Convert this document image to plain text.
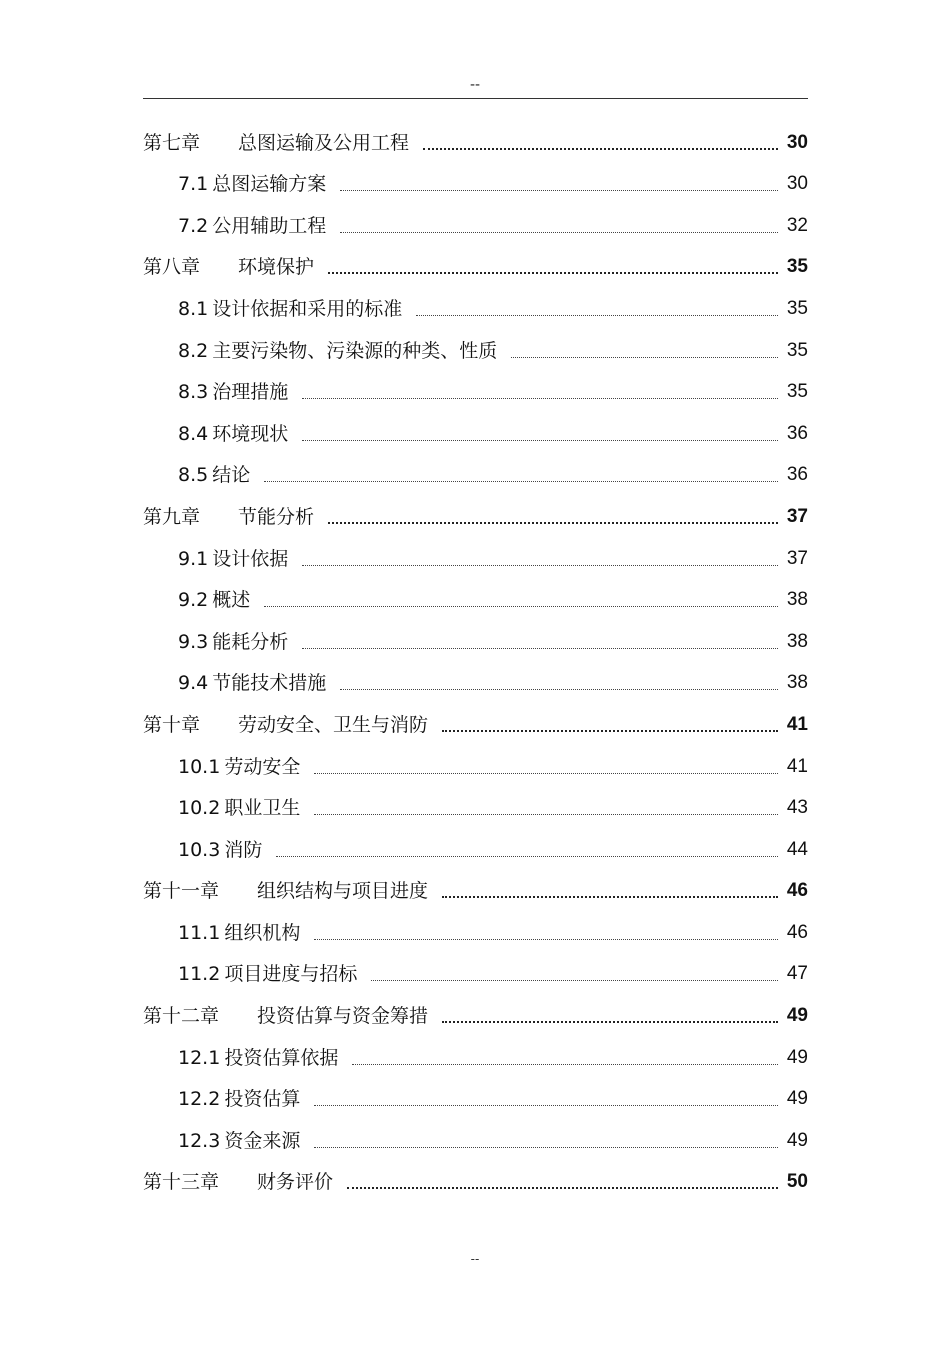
--
第七章 总图运输及公用工程	30
7.1 总图运输方案	30
7.2 公用辅助工程	32
第八章 环境保护	35
8.1 设计依据和采用的标准	35
8.2 主要污染物、污染源的种类、性质	35
8.3 治理措施	35
8.4 环境现状	36
8.5 结论	36
第九章 节能分析	37
9.1 设计依据	37
9.2 概述	38
9.3 能耗分析	38
9.4 节能技术措施	38
第十章 劳动安全、卫生与消防	41
10.1 劳动安全	41
10.2 职业卫生	43
10.3 消防	44
第十一章 组织结构与项目进度	46
11.1 组织机构	46
11.2 项目进度与招标	47
第十二章 投资估算与资金筹措	49
12.1 投资估算依据	49
12.2 投资估算	49
12.3 资金来源	49
第十三章 财务评价	50
--
